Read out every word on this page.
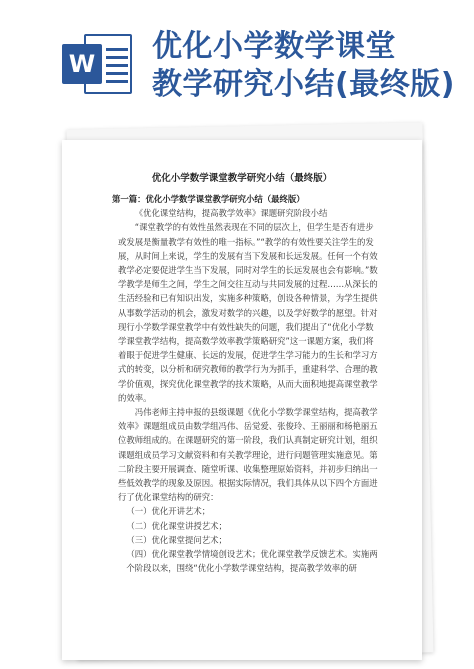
W 优化小学数学课堂
教学研究小结(最终版)
优化小学数学课堂教学研究小结（最终版）

第一篇：优化小学数学课堂教学研究小结（最终版）

《优化课堂结构，提高教学效率》课题研究阶段小结

“课堂教学的有效性虽然表现在不同的层次上，但学生是否有进步或发展是衡量教学有效性的唯一指标。”“教学的有效性要关注学生的发展，从时间上来说，学生的发展有当下发展和长远发展。任何一个有效教学必定要促进学生当下发展，同时对学生的长远发展也会有影响。”数学教学是师生之间，学生之间交往互动与共同发展的过程……从深长的生活经验和已有知识出发，实施多种策略，创设各种情景，为学生提供从事数学活动的机会，激发对数学的兴趣，以及学好数学的愿望。针对现行小学数学课堂教学中有效性缺失的问题，我们提出了“优化小学数学课堂教学结构，提高数学效率教学策略研究”这一课题方案，我们将着眼于促进学生健康、长远的发展，促进学生学习能力的生长和学习方式的转变，以分析和研究教师的教学行为为抓手，重建科学、合理的教学价值观，探究优化课堂教学的技术策略，从而大面积地提高课堂教学的效率。

冯伟老师主持申报的县级课题《优化小学数学课堂结构，提高教学效率》课题组成员由数学组冯伟、岳觉爱、张俊玲、王丽丽和杨艳丽五位教师组成的。在课题研究的第一阶段，我们认真制定研究计划，组织课题组成员学习文献资料和有关教学理论，进行问题管理实施意见。第二阶段主要开展调查、随堂听课、收集整理原始资料，并初步归纳出一些低效教学的现象及原因。根据实际情况，我们具体从以下四个方面进行了优化课堂结构的研究：

（一）优化开讲艺术；

（二）优化课堂讲授艺术；

（三）优化课堂提问艺术；

（四）优化课堂教学情境创设艺术；优化课堂教学反馈艺术。实施两个阶段以来，围绕“优化小学数学课堂结构，提高教学效率的研
